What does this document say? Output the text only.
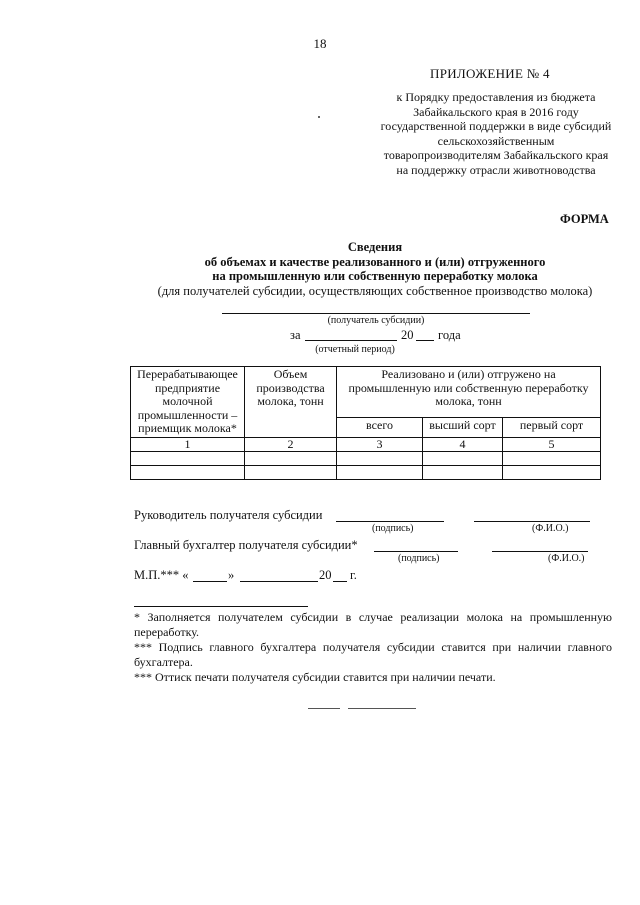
18
ПРИЛОЖЕНИЕ № 4
к Порядку предоставления из бюджета Забайкальского края в 2016 году государственной поддержки в виде субсидий сельскохозяйственным товаропроизводителям Забайкальского края на поддержку отрасли животноводства
ФОРМА
Сведения
об объемах и качестве реализованного и (или) отгруженного
на промышленную или собственную переработку молока
(для получателей субсидии, осуществляющих собственное производство молока)
(получатель субсидии)
за	20 года
(отчетный период)
Перерабатывающее предприятие молочной промышленности – приемщик молока*	Объем производства молока, тонн	Реализовано и (или) отгружено на промышленную или собственную переработку молока, тонн		
		всего	высший сорт	первый сорт
1	2	3	4	5

Руководитель получателя субсидии
(подпись)	(Ф.И.О.)
Главный бухгалтер получателя субсидии*
(подпись)	(Ф.И.О.)
М.П.*** «	»	20 г.
* Заполняется получателем субсидии в случае реализации молока на промышленную переработку.
*** Подпись главного бухгалтера получателя субсидии ставится при наличии главного бухгалтера.
*** Оттиск печати получателя субсидии ставится при наличии печати.
